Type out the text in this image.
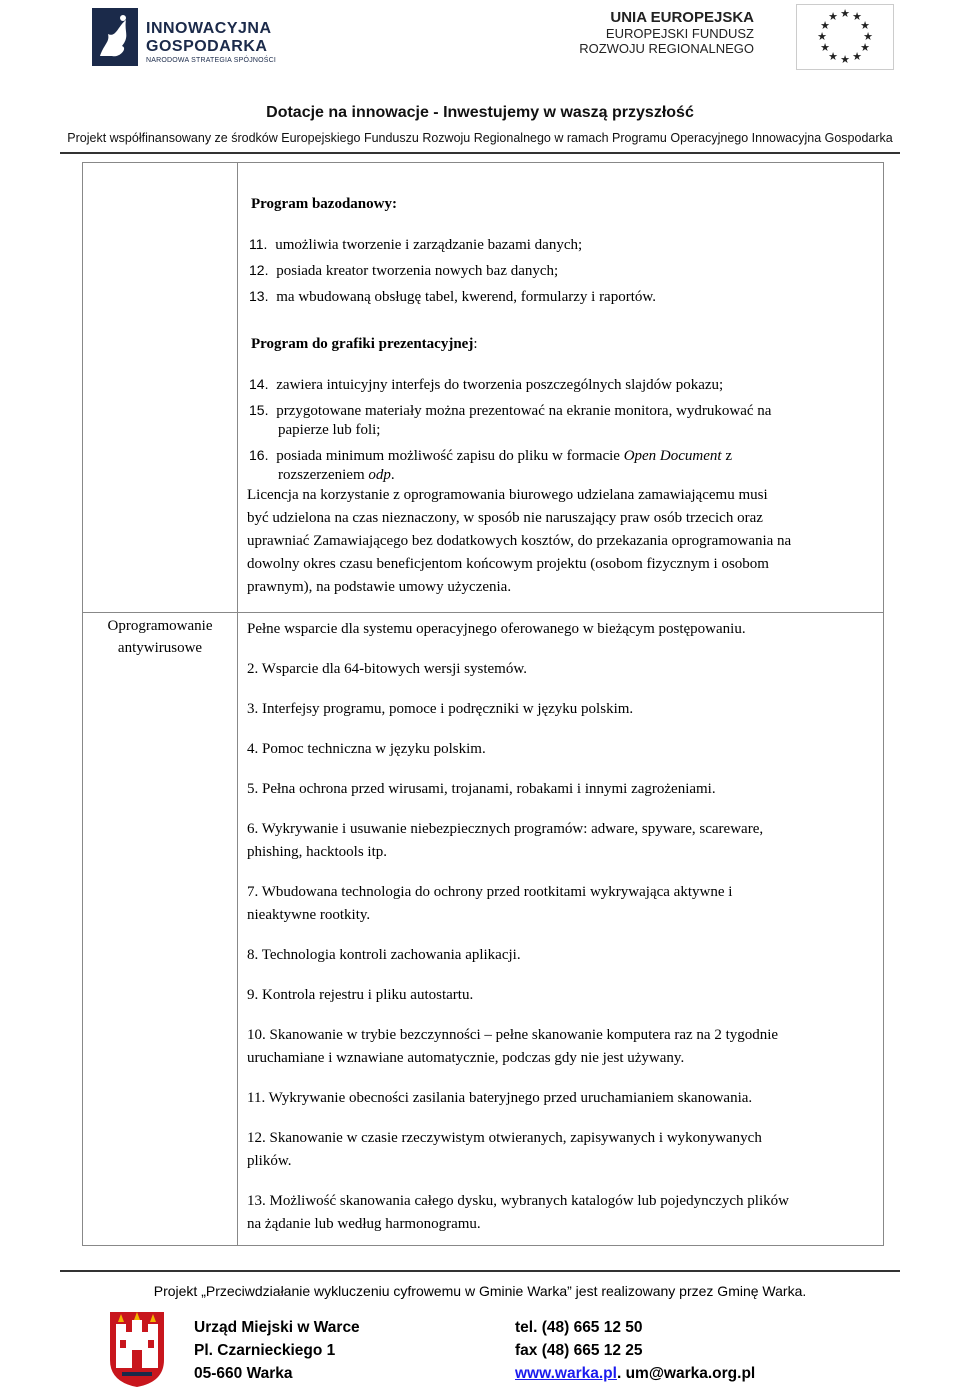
INNOWACYJNA
GOSPODARKA
NARODOWA STRATEGIA SPÓJNOŚCI
UNIA EUROPEJSKA
EUROPEJSKI FUNDUSZ
ROZWOJU REGIONALNEGO
★ ★
★
★
★
★
★
★
★
★
★
★
Dotacje na innowacje - Inwestujemy w waszą przyszłość
Projekt współfinansowany ze środków Europejskiego Funduszu Rozwoju Regionalnego w ramach Programu Operacyjnego Innowacyjna Gospodarka
Program bazodanowy:
11. umożliwia tworzenie i zarządzanie bazami danych;
12. posiada kreator tworzenia nowych baz danych;
13. ma wbudowaną obsługę tabel, kwerend, formularzy i raportów.
Program do grafiki prezentacyjnej:
14. zawiera intuicyjny interfejs do tworzenia poszczególnych slajdów pokazu;
15. przygotowane materiały można prezentować na ekranie monitora, wydrukować na
papierze lub foli;
16. posiada minimum możliwość zapisu do pliku w formacie Open Document z
rozszerzeniem odp.
Licencja na korzystanie z oprogramowania biurowego udzielana zamawiającemu musi
być udzielona na czas nieznaczony, w sposób nie naruszający praw osób trzecich oraz
uprawniać Zamawiającego bez dodatkowych kosztów, do przekazania oprogramowania na
dowolny okres czasu beneficjentom końcowym projektu (osobom fizycznym i osobom
prawnym), na podstawie umowy użyczenia.
Oprogramowanie
antywirusowe
Pełne wsparcie dla systemu operacyjnego oferowanego w bieżącym postępowaniu.
2. Wsparcie dla 64-bitowych wersji systemów.
3. Interfejsy programu, pomoce i podręczniki w języku polskim.
4. Pomoc techniczna w języku polskim.
5. Pełna ochrona przed wirusami, trojanami, robakami i innymi zagrożeniami.
6. Wykrywanie i usuwanie niebezpiecznych programów: adware, spyware, scareware,
phishing, hacktools itp.
7. Wbudowana technologia do ochrony przed rootkitami wykrywająca aktywne i
nieaktywne rootkity.
8. Technologia kontroli zachowania aplikacji.
9. Kontrola rejestru i pliku autostartu.
10. Skanowanie w trybie bezczynności – pełne skanowanie komputera raz na 2 tygodnie
uruchamiane i wznawiane automatycznie, podczas gdy nie jest używany.
11. Wykrywanie obecności zasilania bateryjnego przed uruchamianiem skanowania.
12. Skanowanie w czasie rzeczywistym otwieranych, zapisywanych i wykonywanych
plików.
13. Możliwość skanowania całego dysku, wybranych katalogów lub pojedynczych plików
na żądanie lub według harmonogramu.
Projekt „Przeciwdziałanie wykluczeniu cyfrowemu w Gminie Warka” jest realizowany przez Gminę Warka.
Urząd Miejski w Warce
Pl. Czarnieckiego 1
05-660 Warka
tel. (48) 665 12 50
fax (48) 665 12 25
www.warka.pl. um@warka.org.pl
